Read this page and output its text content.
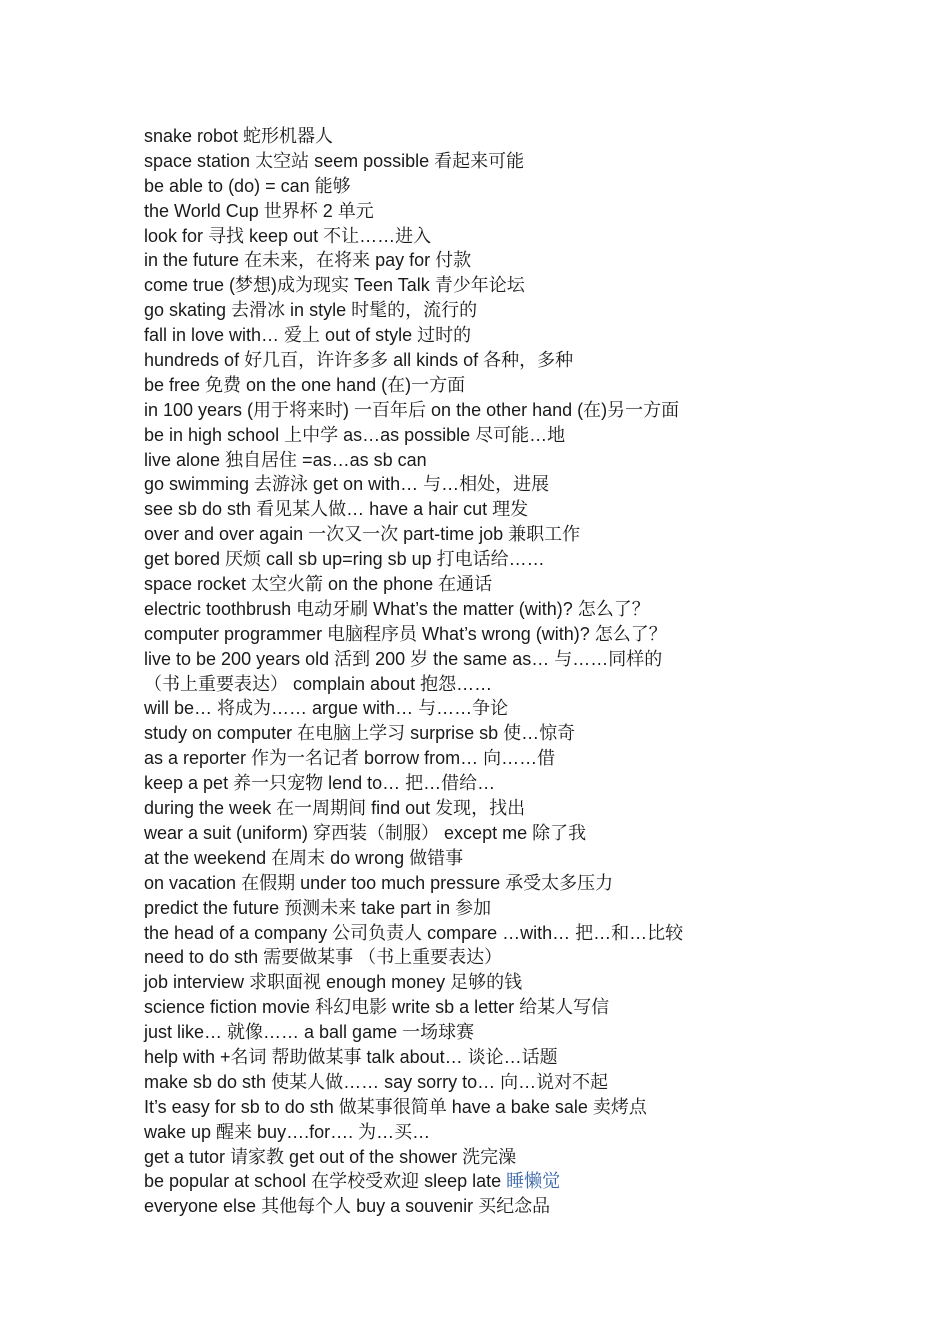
snake robot 蛇形机器人
space station 太空站 seem possible 看起来可能
be able to (do) = can 能够
the World Cup 世界杯 2 单元
look for 寻找 keep out 不让……进入
in the future 在未来，在将来 pay for 付款
come true (梦想)成为现实 Teen Talk 青少年论坛
go skating 去滑冰 in style 时髦的，流行的
fall in love with… 爱上 out of style 过时的
hundreds of 好几百，许许多多 all kinds of 各种，多种
be free 免费 on the one hand (在)一方面
in 100 years (用于将来时) 一百年后 on the other hand (在)另一方面
be in high school 上中学 as…as possible 尽可能…地
live alone 独自居住 =as…as sb can
go swimming 去游泳 get on with… 与…相处，进展
see sb do sth 看见某人做… have a hair cut 理发
over and over again 一次又一次 part-time job 兼职工作
get bored 厌烦 call sb up=ring sb up 打电话给……
space rocket 太空火箭 on the phone 在通话
electric toothbrush 电动牙刷 What’s the matter (with)? 怎么了？
computer programmer 电脑程序员 What’s wrong (with)? 怎么了？
live to be 200 years old 活到 200 岁 the same as… 与……同样的
（书上重要表达） complain about 抱怨……
will be… 将成为…… argue with… 与……争论
study on computer 在电脑上学习 surprise sb 使…惊奇
as a reporter 作为一名记者 borrow from… 向……借
keep a pet 养一只宠物 lend to… 把…借给…
during the week 在一周期间 find out 发现，找出
wear a suit (uniform) 穿西装（制服） except me 除了我
at the weekend 在周末 do wrong 做错事
on vacation 在假期 under too much pressure 承受太多压力
predict the future 预测未来 take part in 参加
the head of a company 公司负责人 compare …with… 把…和…比较
need to do sth 需要做某事 （书上重要表达）
job interview 求职面视 enough money 足够的钱
science fiction movie 科幻电影 write sb a letter 给某人写信
just like… 就像…… a ball game 一场球赛
help with +名词 帮助做某事 talk about… 谈论…话题
make sb do sth 使某人做…… say sorry to… 向…说对不起
It’s easy for sb to do sth 做某事很简单 have a bake sale 卖烤点
wake up 醒来 buy….for…. 为…买…
get a tutor 请家教 get out of the shower 洗完澡
be popular at school 在学校受欢迎 sleep late 睡懒觉
everyone else 其他每个人 buy a souvenir 买纪念品
